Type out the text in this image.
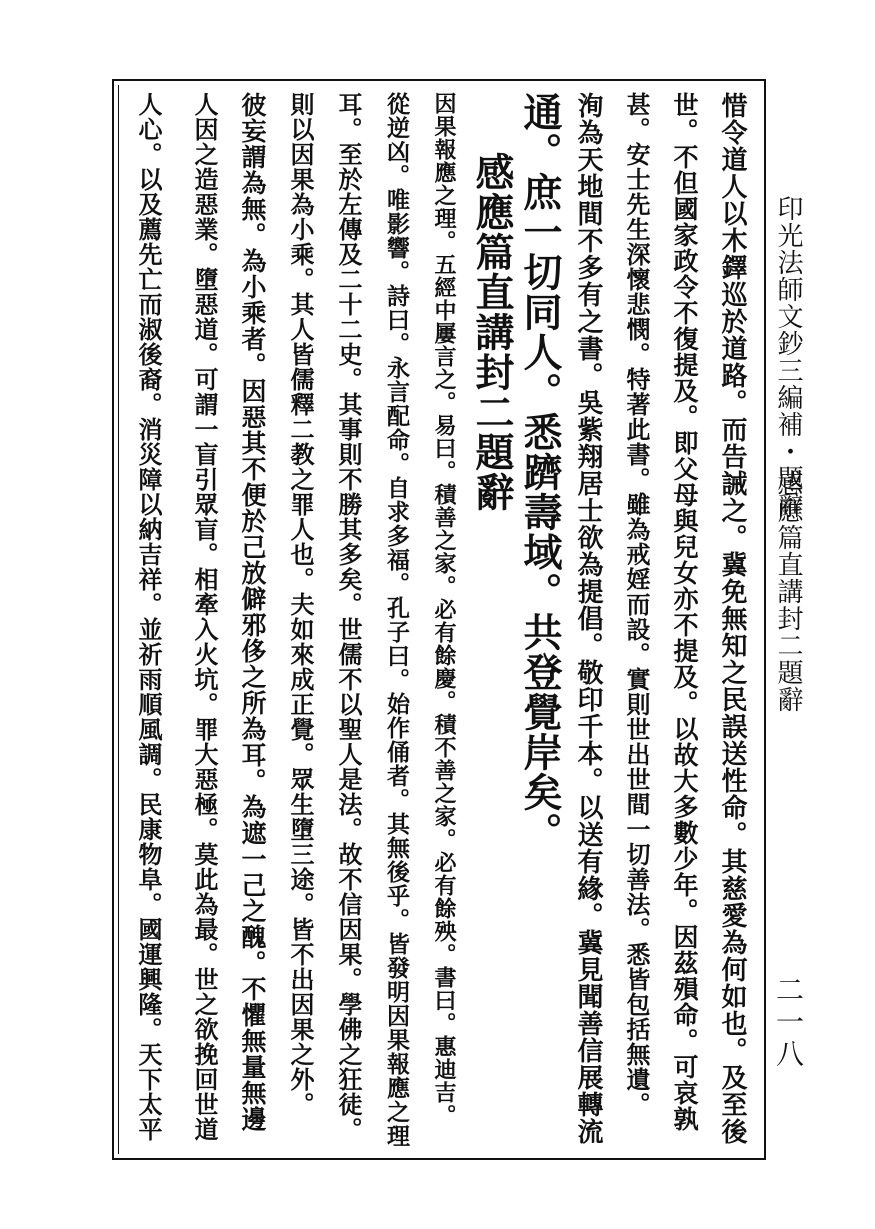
印光法師文鈔三編補・題辭
感應篇直講封二題辭
二一八
惜令道人以木鐸巡於道路。而告誡之。冀免無知之民誤送性命。其慈愛為何如也。及至後
世。不但國家政令不復提及。即父母與兒女亦不提及。以故大多數少年。因茲殞命。可哀孰
甚。安士先生深懷悲憫。特著此書。雖為戒婬而設。實則世出世間一切善法。悉皆包括無遺。
洵為天地間不多有之書。吳紫翔居士欲為提倡。敬印千本。以送有緣。冀見聞善信展轉流
通。庶一切同人。悉躋壽域。共登覺岸矣。
感應篇直講封二題辭
因果報應之理。五經中屢言之。易曰。積善之家。必有餘慶。積不善之家。必有餘殃。書曰。惠迪吉。
從逆凶。唯影響。詩曰。永言配命。自求多福。孔子曰。始作俑者。其無後乎。皆發明因果報應之理
耳。至於左傳及二十二史。其事則不勝其多矣。世儒不以聖人是法。故不信因果。學佛之狂徒。
則以因果為小乘。其人皆儒釋二教之罪人也。夫如來成正覺。眾生墮三途。皆不出因果之外。
彼妄謂為無。為小乘者。因惡其不便於己放僻邪侈之所為耳。為遮一己之醜。不懼無量無邊
人因之造惡業。墮惡道。可謂一盲引眾盲。相牽入火坑。罪大惡極。莫此為最。世之欲挽回世道
人心。以及薦先亡而淑後裔。消災障以納吉祥。並祈雨順風調。民康物阜。國運興隆。天下太平
